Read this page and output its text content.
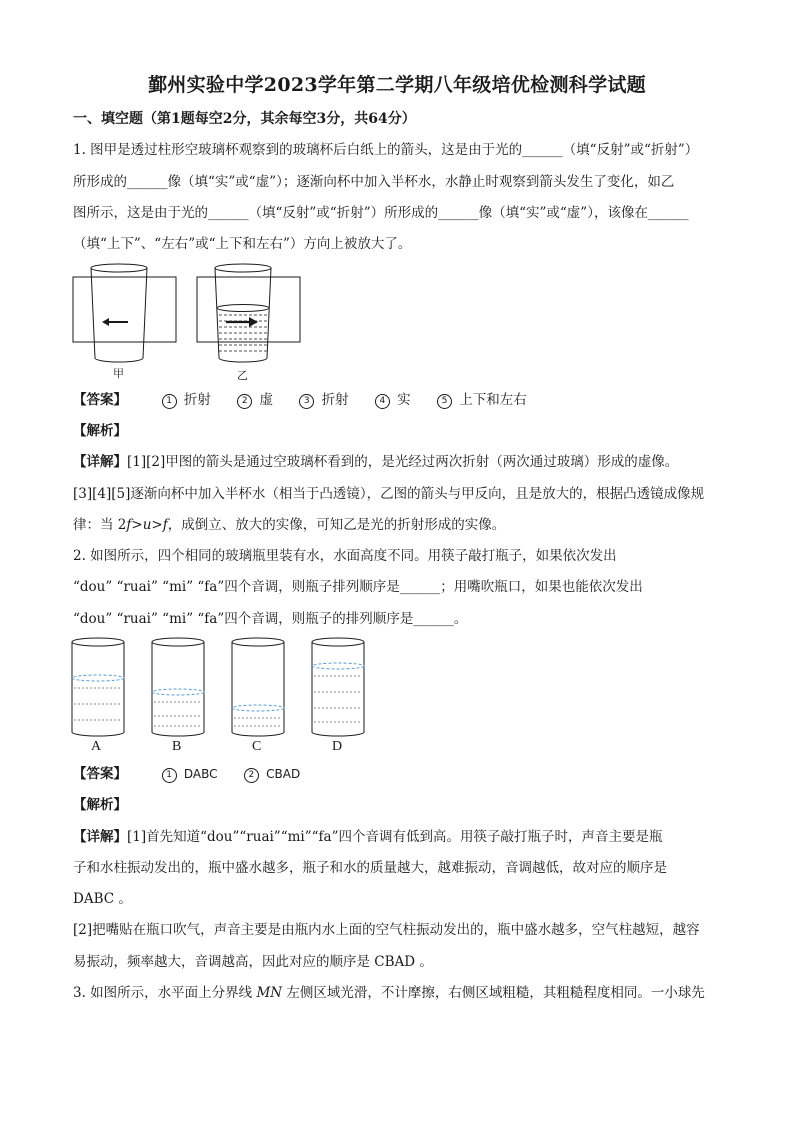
鄞州实验中学2023学年第二学期八年级培优检测科学试题
一、填空题（第1题每空2分，其余每空3分，共64分）
1. 图甲是透过柱形空玻璃杯观察到的玻璃杯后白纸上的箭头，这是由于光的______（填“反射”或“折射”）
所形成的______像（填“实”或“虚”）；逐渐向杯中加入半杯水，水静止时观察到箭头发生了变化，如乙
图所示，这是由于光的______（填“反射”或“折射”）所形成的______像（填“实”或“虚”），该像在______
（填“上下”、“左右”或“上下和左右”）方向上被放大了。
甲	乙
【答案】	1 折射	2 虚	3 折射	4 实	5 上下和左右
【解析】
【详解】[1][2]甲图的箭头是通过空玻璃杯看到的，是光经过两次折射（两次通过玻璃）形成的虚像。
[3][4][5]逐渐向杯中加入半杯水（相当于凸透镜），乙图的箭头与甲反向，且是放大的，根据凸透镜成像规
律：当 2f>u>f，成倒立、放大的实像，可知乙是光的折射形成的实像。
2. 如图所示，四个相同的玻璃瓶里装有水，水面高度不同。用筷子敲打瓶子，如果依次发出
“dou” “ruai” “mi” “fa”四个音调，则瓶子排列顺序是______；用嘴吹瓶口，如果也能依次发出
“dou” “ruai” “mi” “fa”四个音调，则瓶子的排列顺序是______。
A	B	C	D
【答案】	1 DABC	2 CBAD
【解析】
【详解】[1]首先知道“dou”“ruai”“mi”“fa”四个音调有低到高。用筷子敲打瓶子时，声音主要是瓶
子和水柱振动发出的，瓶中盛水越多，瓶子和水的质量越大，越难振动，音调越低，故对应的顺序是
DABC 。
[2]把嘴贴在瓶口吹气，声音主要是由瓶内水上面的空气柱振动发出的，瓶中盛水越多，空气柱越短，越容
易振动，频率越大，音调越高，因此对应的顺序是 CBAD 。
3. 如图所示，水平面上分界线 MN 左侧区域光滑，不计摩擦，右侧区域粗糙，其粗糙程度相同。一小球先
